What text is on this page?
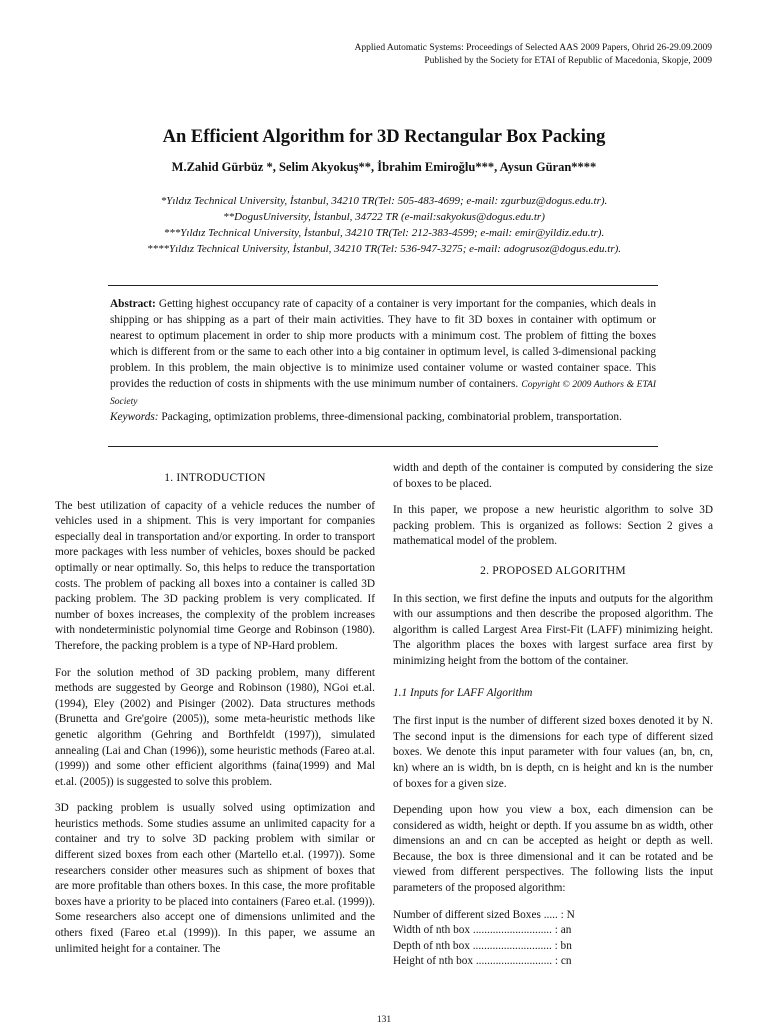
Applied Automatic Systems: Proceedings of Selected AAS 2009 Papers, Ohrid 26-29.09.2009
Published by the Society for ETAI of Republic of Macedonia, Skopje, 2009
An Efficient Algorithm for 3D Rectangular Box Packing
M.Zahid Gürbüz *, Selim Akyokuş**, İbrahim Emiroğlu***, Aysun Güran****
*Yıldız Technical University, İstanbul, 34210 TR(Tel: 505-483-4699; e-mail: zgurbuz@dogus.edu.tr).
**DogusUniversity, İstanbul, 34722 TR (e-mail:sakyokus@dogus.edu.tr)
***Yıldız Technical University, İstanbul, 34210 TR(Tel: 212-383-4599; e-mail: emir@yildiz.edu.tr).
****Yıldız Technical University, İstanbul, 34210 TR(Tel: 536-947-3275; e-mail: adogrusoz@dogus.edu.tr).
Abstract: Getting highest occupancy rate of capacity of a container is very important for the companies, which deals in shipping or has shipping as a part of their main activities. They have to fit 3D boxes in container with optimum or nearest to optimum placement in order to ship more products with a minimum cost. The problem of fitting the boxes which is different from or the same to each other into a big container in optimum level, is called 3-dimensional packing problem. In this problem, the main objective is to minimize used container volume or wasted container space. This provides the reduction of costs in shipments with the use minimum number of containers. Copyright © 2009 Authors & ETAI Society
Keywords: Packaging, optimization problems, three-dimensional packing, combinatorial problem, transportation.
1. INTRODUCTION

The best utilization of capacity of a vehicle reduces the number of vehicles used in a shipment. This is very important for companies especially deal in transportation and/or exporting. In order to transport more packages with less number of vehicles, boxes should be packed optimally or near optimally. So, this helps to reduce the transportation costs. The problem of packing all boxes into a container is called 3D packing problem. The 3D packing problem is very complicated. If number of boxes increases, the complexity of the problem increases with nondeterministic polynomial time George and Robinson (1980). Therefore, the packing problem is a type of NP-Hard problem.

For the solution method of 3D packing problem, many different methods are suggested by George and Robinson (1980), NGoi et.al. (1994), Eley (2002) and Pisinger (2002). Data structures methods (Brunetta and Gre'goire (2005)), some meta-heuristic methods like genetic algorithm (Gehring and Borthfeldt (1997)), simulated annealing (Lai and Chan (1996)), some heuristic methods (Fareo at.al. (1999)) and some other efficient algorithms (faina(1999) and Mal et.al. (2005)) is suggested to solve this problem.

3D packing problem is usually solved using optimization and heuristics methods. Some studies assume an unlimited capacity for a container and try to solve 3D packing problem with similar or different sized boxes from each other (Martello et.al. (1997)). Some researchers consider other measures such as shipment of boxes that are more profitable than others boxes. In this case, the more profitable boxes have a priority to be placed into containers (Fareo et.al. (1999)). Some researchers also accept one of dimensions unlimited and the others fixed (Fareo et.al (1999)). In this paper, we assume an unlimited height for a container. The

width and depth of the container is computed by considering the size of boxes to be placed.

In this paper, we propose a new heuristic algorithm to solve 3D packing problem. This is organized as follows: Section 2 gives a mathematical model of the problem.

2. PROPOSED ALGORITHM

In this section, we first define the inputs and outputs for the algorithm with our assumptions and then describe the proposed algorithm. The algorithm is called Largest Area First-Fit (LAFF) minimizing height. The algorithm places the boxes with largest surface area first by minimizing height from the bottom of the container.

1.1 Inputs for LAFF Algorithm

The first input is the number of different sized boxes denoted it by N. The second input is the dimensions for each type of different sized boxes. We denote this input parameter with four values (an, bn, cn, kn) where an is width, bn is depth, cn is height and kn is the number of boxes for a given size.

Depending upon how you view a box, each dimension can be considered as width, height or depth. If you assume bn as width, other dimensions an and cn can be accepted as height or depth as well. Because, the box is three dimensional and it can be rotated and be viewed from different perspectives. The following lists the input parameters of the proposed algorithm:

Number of different sized Boxes ..... : N
Width of nth box ............................ : an
Depth of nth box ............................ : bn
Height of nth box ........................... : cn
131
